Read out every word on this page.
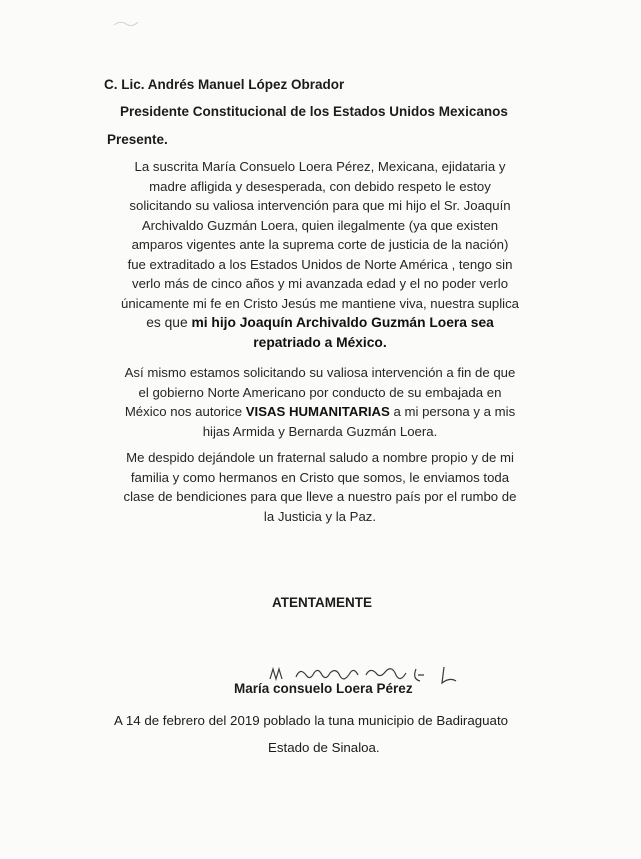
C. Lic. Andrés Manuel López Obrador
Presidente Constitucional de los Estados Unidos Mexicanos
Presente.
La suscrita María Consuelo Loera Pérez, Mexicana, ejidataria y
madre afligida y desesperada, con debido respeto le estoy
solicitando su valiosa intervención para que mi hijo el Sr. Joaquín
Archivaldo Guzmán Loera, quien ilegalmente (ya que existen
amparos vigentes ante la suprema corte de justicia de la nación)
fue extraditado a los Estados Unidos de Norte América , tengo sin
verlo más de cinco años y mi avanzada edad y el no poder verlo
únicamente mi fe en Cristo Jesús me mantiene viva, nuestra suplica
es que mi hijo Joaquín Archivaldo Guzmán Loera sea
repatriado a México.
Así mismo estamos solicitando su valiosa intervención a fin de que
el gobierno Norte Americano por conducto de su embajada en
México nos autorice VISAS HUMANITARIAS a mi persona y a mis
hijas Armida y Bernarda Guzmán Loera.
Me despido dejándole un fraternal saludo a nombre propio y de mi
familia y como hermanos en Cristo que somos, le enviamos toda
clase de bendiciones para que lleve a nuestro país por el rumbo de
la Justicia y la Paz.
ATENTAMENTE
María consuelo Loera Pérez
A 14 de febrero del 2019 poblado la tuna municipio de Badiraguato
Estado de Sinaloa.
